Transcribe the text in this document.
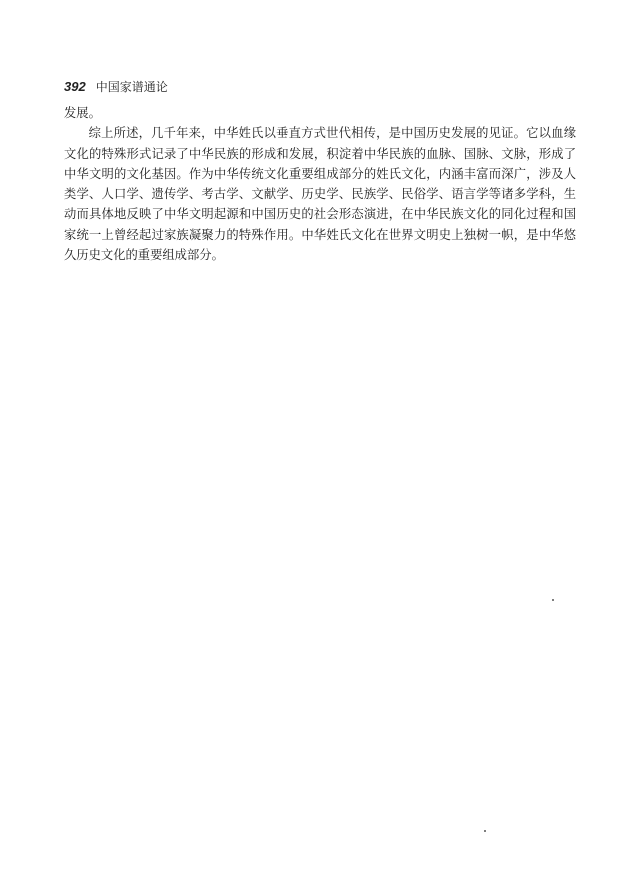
392 中国家谱通论

发展。

综上所述，几千年来，中华姓氏以垂直方式世代相传，是中国历史发展的见证。它以血缘文化的特殊形式记录了中华民族的形成和发展，积淀着中华民族的血脉、国脉、文脉，形成了中华文明的文化基因。作为中华传统文化重要组成部分的姓氏文化，内涵丰富而深广，涉及人类学、人口学、遗传学、考古学、文献学、历史学、民族学、民俗学、语言学等诸多学科，生动而具体地反映了中华文明起源和中国历史的社会形态演进，在中华民族文化的同化过程和国家统一上曾经起过家族凝聚力的特殊作用。中华姓氏文化在世界文明史上独树一帜，是中华悠久历史文化的重要组成部分。
